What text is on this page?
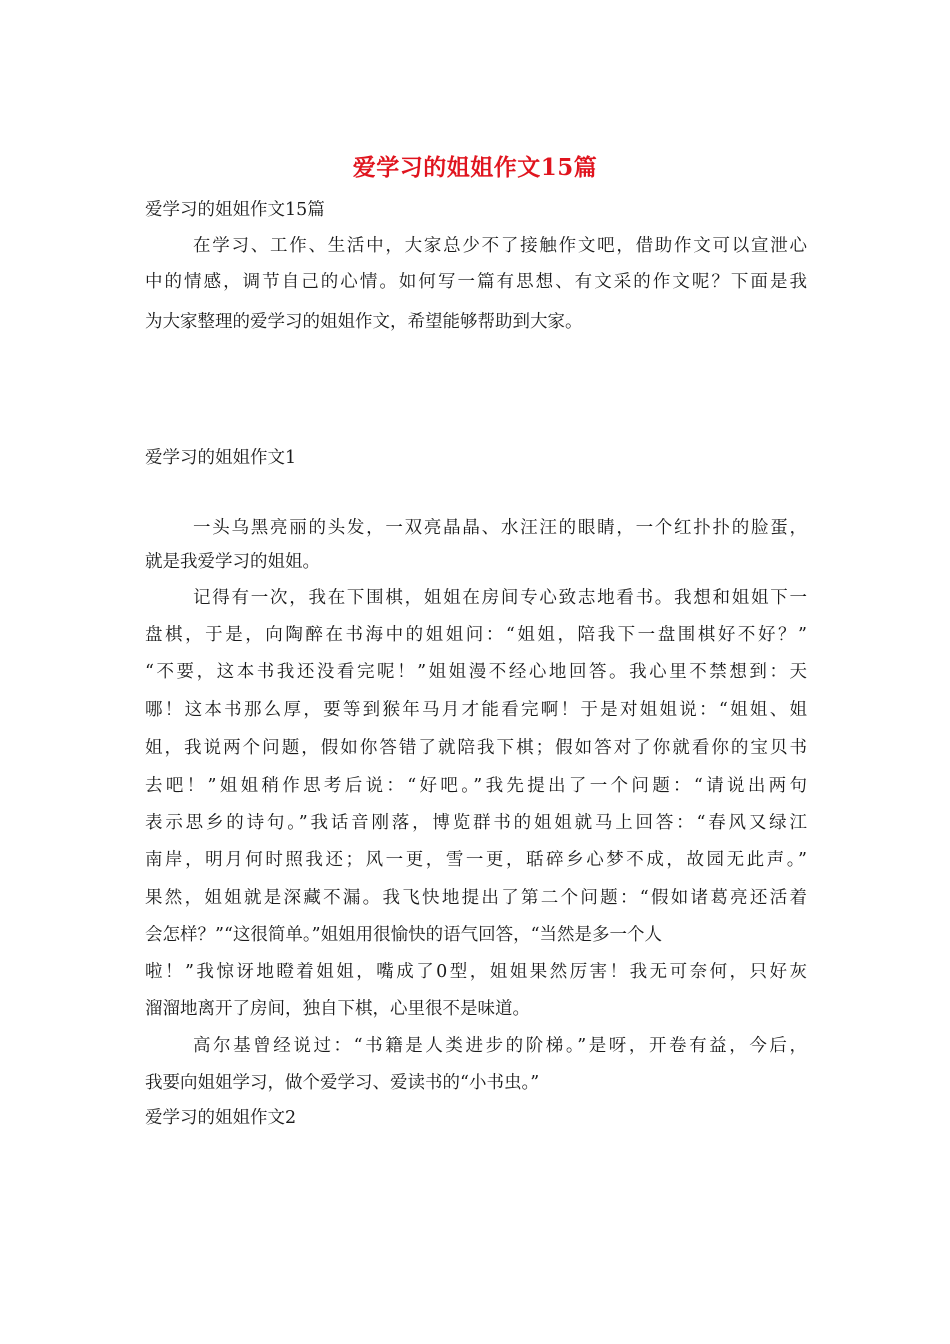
爱学习的姐姐作文15篇
爱学习的姐姐作文15篇
在学习、工作、生活中，大家总少不了接触作文吧，借助作文可以宣泄心
中的情感，调节自己的心情。如何写一篇有思想、有文采的作文呢？下面是我
为大家整理的爱学习的姐姐作文，希望能够帮助到大家。
爱学习的姐姐作文1
一头乌黑亮丽的头发，一双亮晶晶、水汪汪的眼睛，一个红扑扑的脸蛋，
就是我爱学习的姐姐。
记得有一次，我在下围棋，姐姐在房间专心致志地看书。我想和姐姐下一
盘棋，于是，向陶醉在书海中的姐姐问：“姐姐，陪我下一盘围棋好不好？”
“不要，这本书我还没看完呢！”姐姐漫不经心地回答。我心里不禁想到：天
哪！这本书那么厚，要等到猴年马月才能看完啊！于是对姐姐说：“姐姐、姐
姐，我说两个问题，假如你答错了就陪我下棋；假如答对了你就看你的宝贝书
去吧！”姐姐稍作思考后说：“好吧。”我先提出了一个问题：“请说出两句
表示思乡的诗句。”我话音刚落，博览群书的姐姐就马上回答：“春风又绿江
南岸，明月何时照我还；风一更，雪一更，聒碎乡心梦不成，故园无此声。”
果然，姐姐就是深藏不漏。我飞快地提出了第二个问题：“假如诸葛亮还活着
会怎样？”“这很简单。”姐姐用很愉快的语气回答，“当然是多一个人
啦！”我惊讶地瞪着姐姐，嘴成了0型，姐姐果然厉害！我无可奈何，只好灰
溜溜地离开了房间，独自下棋，心里很不是味道。
高尔基曾经说过：“书籍是人类进步的阶梯。”是呀，开卷有益，今后，
我要向姐姐学习，做个爱学习、爱读书的“小书虫。”
爱学习的姐姐作文2
